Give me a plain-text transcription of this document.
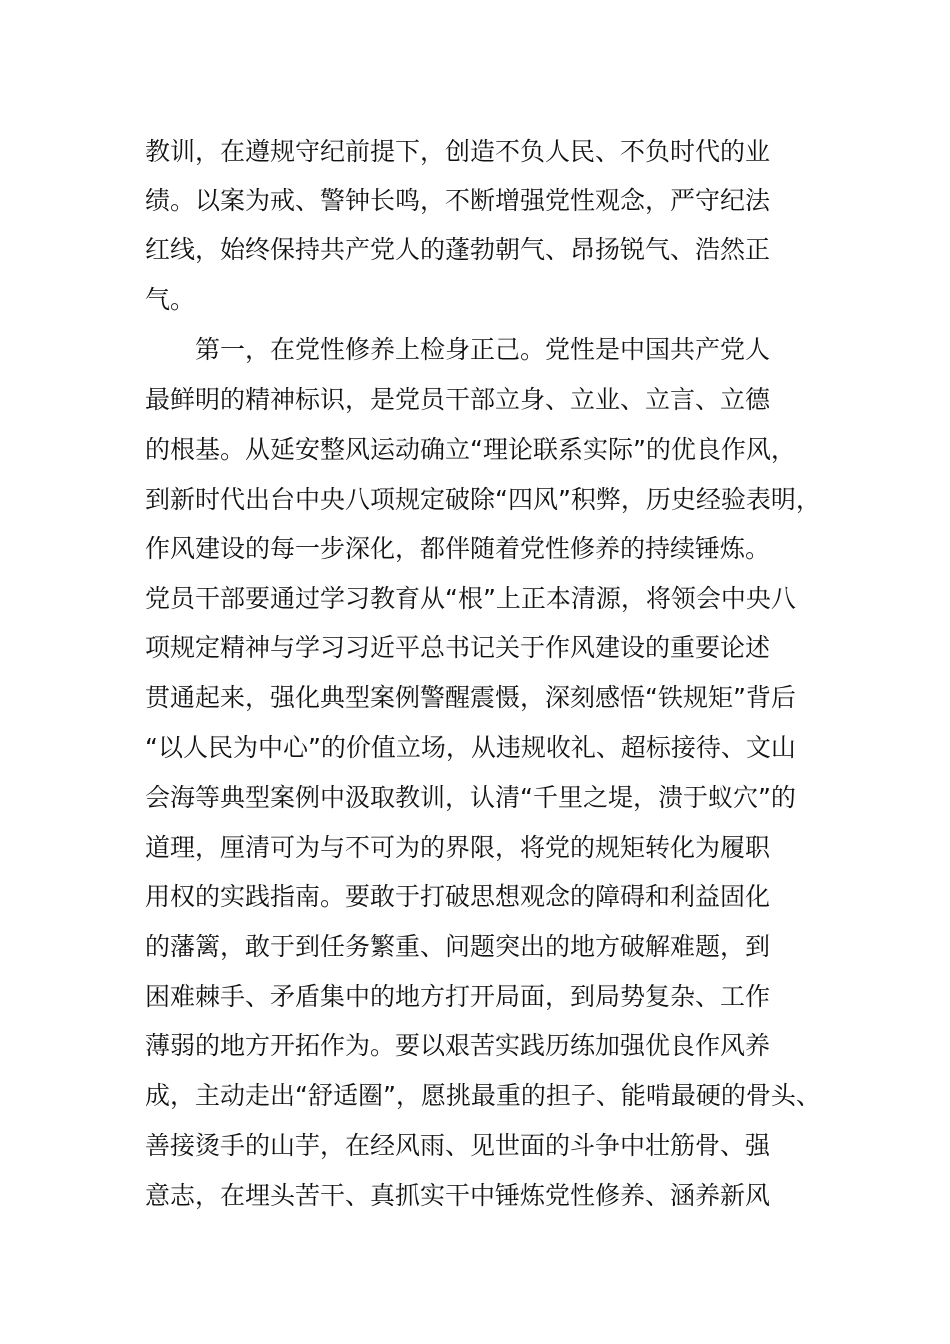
教训，在遵规守纪前提下，创造不负人民、不负时代的业
绩。以案为戒、警钟长鸣，不断增强党性观念，严守纪法
红线，始终保持共产党人的蓬勃朝气、昂扬锐气、浩然正
气。
第一，在党性修养上检身正己。党性是中国共产党人
最鲜明的精神标识，是党员干部立身、立业、立言、立德
的根基。从延安整风运动确立“理论联系实际”的优良作风，
到新时代出台中央八项规定破除“四风”积弊，历史经验表明，
作风建设的每一步深化，都伴随着党性修养的持续锤炼。
党员干部要通过学习教育从“根”上正本清源，将领会中央八
项规定精神与学习习近平总书记关于作风建设的重要论述
贯通起来，强化典型案例警醒震慑，深刻感悟“铁规矩”背后
“以人民为中心”的价值立场，从违规收礼、超标接待、文山
会海等典型案例中汲取教训，认清“千里之堤，溃于蚁穴”的
道理，厘清可为与不可为的界限，将党的规矩转化为履职
用权的实践指南。要敢于打破思想观念的障碍和利益固化
的藩篱，敢于到任务繁重、问题突出的地方破解难题，到
困难棘手、矛盾集中的地方打开局面，到局势复杂、工作
薄弱的地方开拓作为。要以艰苦实践历练加强优良作风养
成，主动走出“舒适圈”，愿挑最重的担子、能啃最硬的骨头、
善接烫手的山芋，在经风雨、见世面的斗争中壮筋骨、强
意志，在埋头苦干、真抓实干中锤炼党性修养、涵养新风
